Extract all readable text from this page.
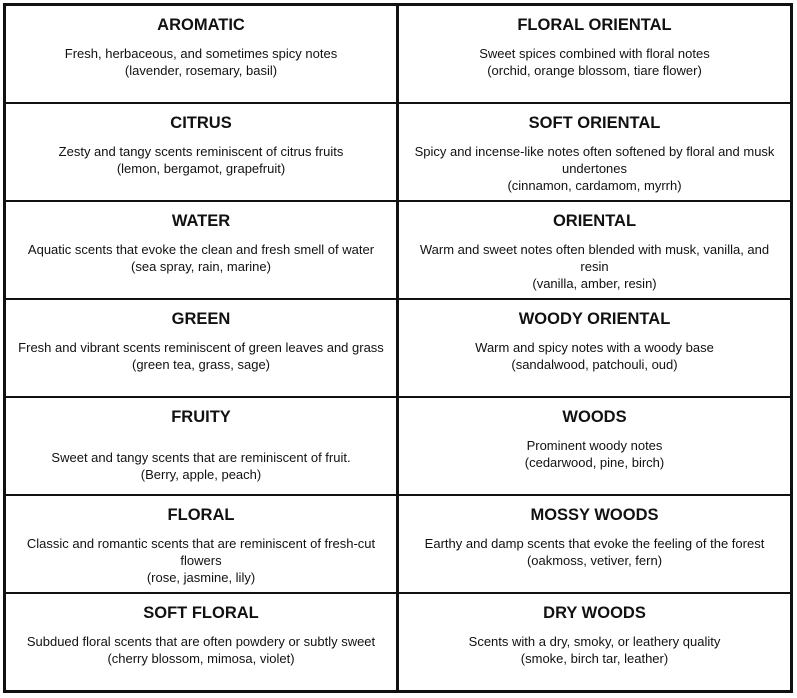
AROMATIC
Fresh, herbaceous, and sometimes spicy notes
(lavender, rosemary, basil)
FLORAL ORIENTAL
Sweet spices combined with floral notes
(orchid, orange blossom, tiare flower)
CITRUS
Zesty and tangy scents reminiscent of citrus fruits
(lemon, bergamot, grapefruit)
SOFT ORIENTAL
Spicy and incense-like notes often softened by floral and musk undertones
(cinnamon, cardamom, myrrh)
WATER
Aquatic scents that evoke the clean and fresh smell of water
(sea spray, rain, marine)
ORIENTAL
Warm and sweet notes often blended with musk, vanilla, and resin
(vanilla, amber, resin)
GREEN
Fresh and vibrant scents reminiscent of green leaves and grass
(green tea, grass, sage)
WOODY ORIENTAL
Warm and spicy notes with a woody base
(sandalwood, patchouli, oud)
FRUITY
Sweet and tangy scents that are reminiscent of fruit.
(Berry, apple, peach)
WOODS
Prominent woody notes
(cedarwood, pine, birch)
FLORAL
Classic and romantic scents that are reminiscent of fresh-cut flowers
(rose, jasmine, lily)
MOSSY WOODS
Earthy and damp scents that evoke the feeling of the forest
(oakmoss, vetiver, fern)
SOFT FLORAL
Subdued floral scents that are often powdery or subtly sweet
(cherry blossom, mimosa, violet)
DRY WOODS
Scents with a dry, smoky, or leathery quality
(smoke, birch tar, leather)
